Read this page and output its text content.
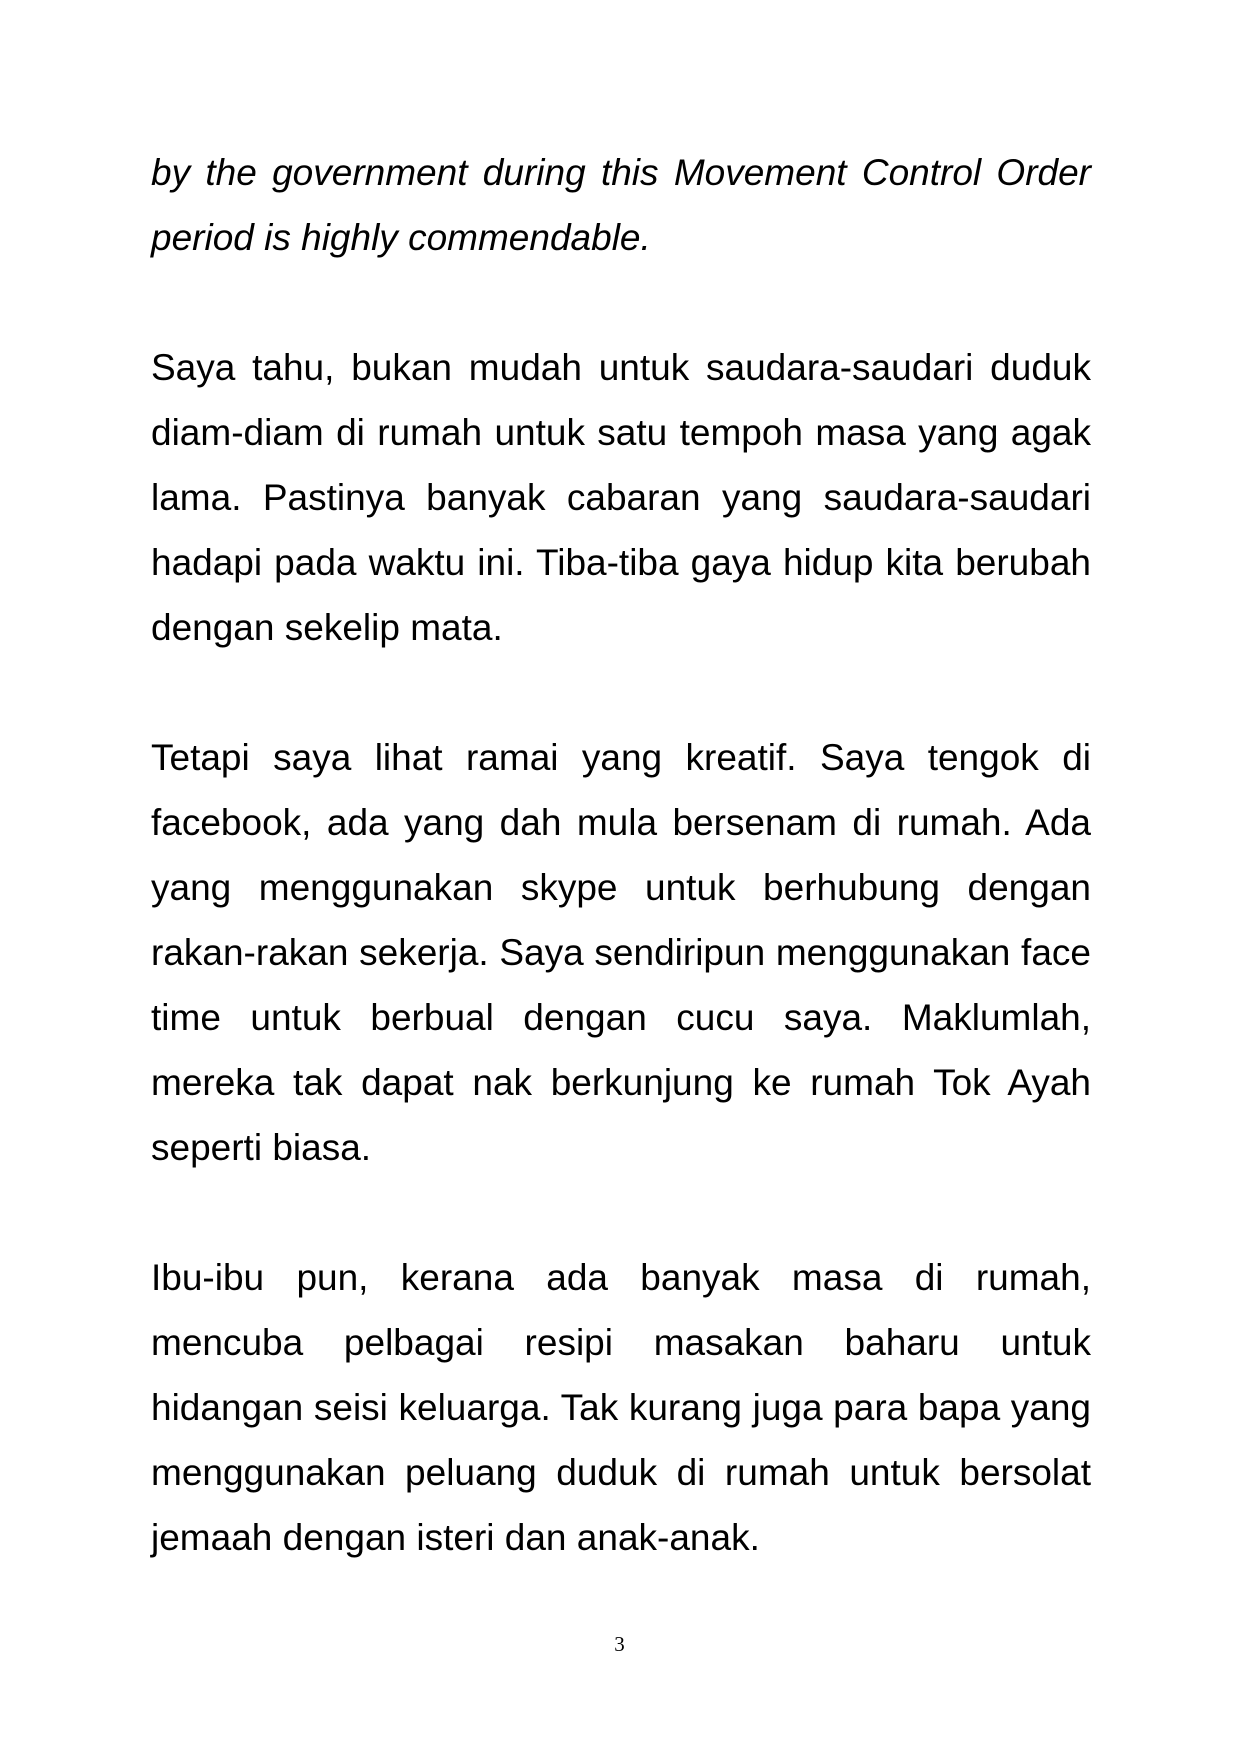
by the government during this Movement Control Order period is highly commendable.

Saya tahu, bukan mudah untuk saudara-saudari duduk diam-diam di rumah untuk satu tempoh masa yang agak lama. Pastinya banyak cabaran yang saudara-saudari hadapi pada waktu ini. Tiba-tiba gaya hidup kita berubah dengan sekelip mata.

Tetapi saya lihat ramai yang kreatif. Saya tengok di facebook, ada yang dah mula bersenam di rumah. Ada yang menggunakan skype untuk berhubung dengan rakan-rakan sekerja. Saya sendiripun menggunakan face time untuk berbual dengan cucu saya. Maklumlah, mereka tak dapat nak berkunjung ke rumah Tok Ayah seperti biasa.

Ibu-ibu pun, kerana ada banyak masa di rumah, mencuba pelbagai resipi masakan baharu untuk hidangan seisi keluarga. Tak kurang juga para bapa yang menggunakan peluang duduk di rumah untuk bersolat jemaah dengan isteri dan anak-anak.

3
